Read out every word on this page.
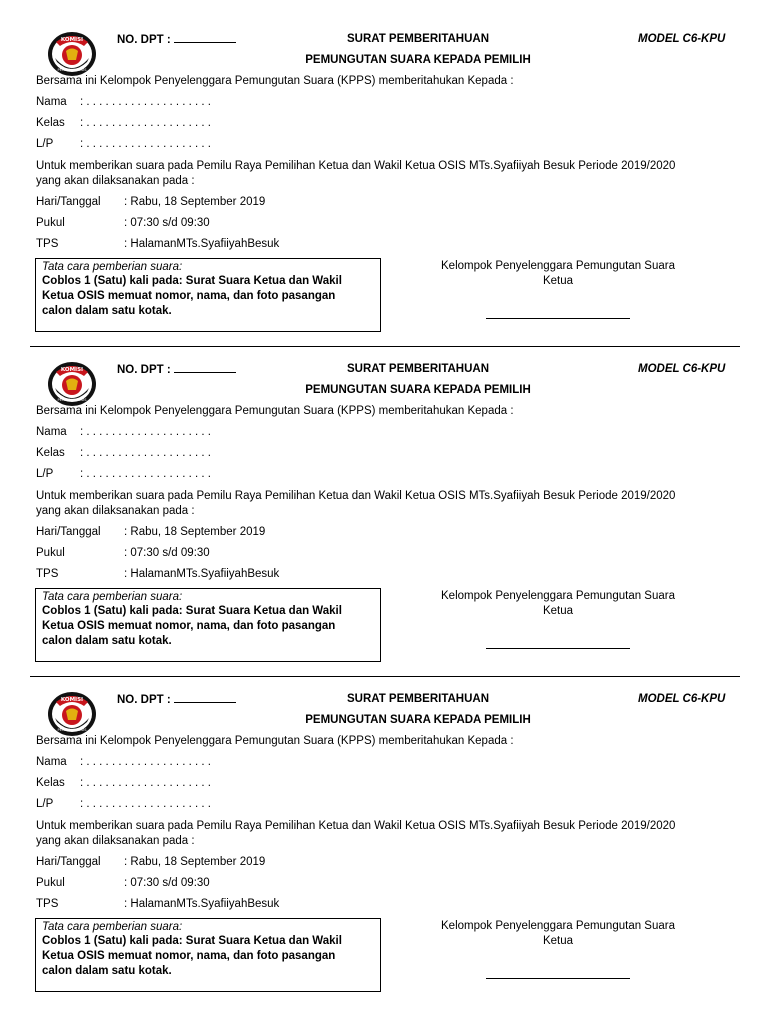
KOMISI
PEMILIHAN OSIS
NO. DPT :	SURAT PEMBERITAHUAN
PEMUNGUTAN SUARA KEPADA PEMILIH
MODEL C6-KPU
Bersama ini Kelompok Penyelenggara Pemungutan Suara (KPPS) memberitahukan Kepada :
Nama : . . . . . . . . . . . . . . . . . . . .
Kelas : . . . . . . . . . . . . . . . . . . . .
L/P : . . . . . . . . . . . . . . . . . . . .
Untuk memberikan suara pada Pemilu Raya Pemilihan Ketua dan Wakil Ketua OSIS MTs.Syafiiyah Besuk Periode 2019/2020
yang akan dilaksanakan pada :
Hari/Tanggal : Rabu, 18 September 2019
Pukul	: 07:30 s/d 09:30
TPS	: HalamanMTs.SyafiiyahBesuk
Tata cara pemberian suara:
Coblos 1 (Satu) kali pada: Surat Suara Ketua dan Wakil Ketua OSIS memuat nomor, nama, dan foto pasangan calon dalam satu kotak.
Kelompok Penyelenggara Pemungutan Suara
Ketua
KOMISI
PEMILIHAN OSIS
NO. DPT :	SURAT PEMBERITAHUAN
PEMUNGUTAN SUARA KEPADA PEMILIH
MODEL C6-KPU
Bersama ini Kelompok Penyelenggara Pemungutan Suara (KPPS) memberitahukan Kepada :
Nama : . . . . . . . . . . . . . . . . . . . .
Kelas : . . . . . . . . . . . . . . . . . . . .
L/P : . . . . . . . . . . . . . . . . . . . .
Untuk memberikan suara pada Pemilu Raya Pemilihan Ketua dan Wakil Ketua OSIS MTs.Syafiiyah Besuk Periode 2019/2020
yang akan dilaksanakan pada :
Hari/Tanggal : Rabu, 18 September 2019
Pukul	: 07:30 s/d 09:30
TPS	: HalamanMTs.SyafiiyahBesuk
Tata cara pemberian suara:
Coblos 1 (Satu) kali pada: Surat Suara Ketua dan Wakil Ketua OSIS memuat nomor, nama, dan foto pasangan calon dalam satu kotak.
Kelompok Penyelenggara Pemungutan Suara
Ketua
KOMISI
PEMILIHAN OSIS
NO. DPT :	SURAT PEMBERITAHUAN
PEMUNGUTAN SUARA KEPADA PEMILIH
MODEL C6-KPU
Bersama ini Kelompok Penyelenggara Pemungutan Suara (KPPS) memberitahukan Kepada :
Nama : . . . . . . . . . . . . . . . . . . . .
Kelas : . . . . . . . . . . . . . . . . . . . .
L/P : . . . . . . . . . . . . . . . . . . . .
Untuk memberikan suara pada Pemilu Raya Pemilihan Ketua dan Wakil Ketua OSIS MTs.Syafiiyah Besuk Periode 2019/2020
yang akan dilaksanakan pada :
Hari/Tanggal : Rabu, 18 September 2019
Pukul	: 07:30 s/d 09:30
TPS	: HalamanMTs.SyafiiyahBesuk
Tata cara pemberian suara:
Coblos 1 (Satu) kali pada: Surat Suara Ketua dan Wakil Ketua OSIS memuat nomor, nama, dan foto pasangan calon dalam satu kotak.
Kelompok Penyelenggara Pemungutan Suara
Ketua
